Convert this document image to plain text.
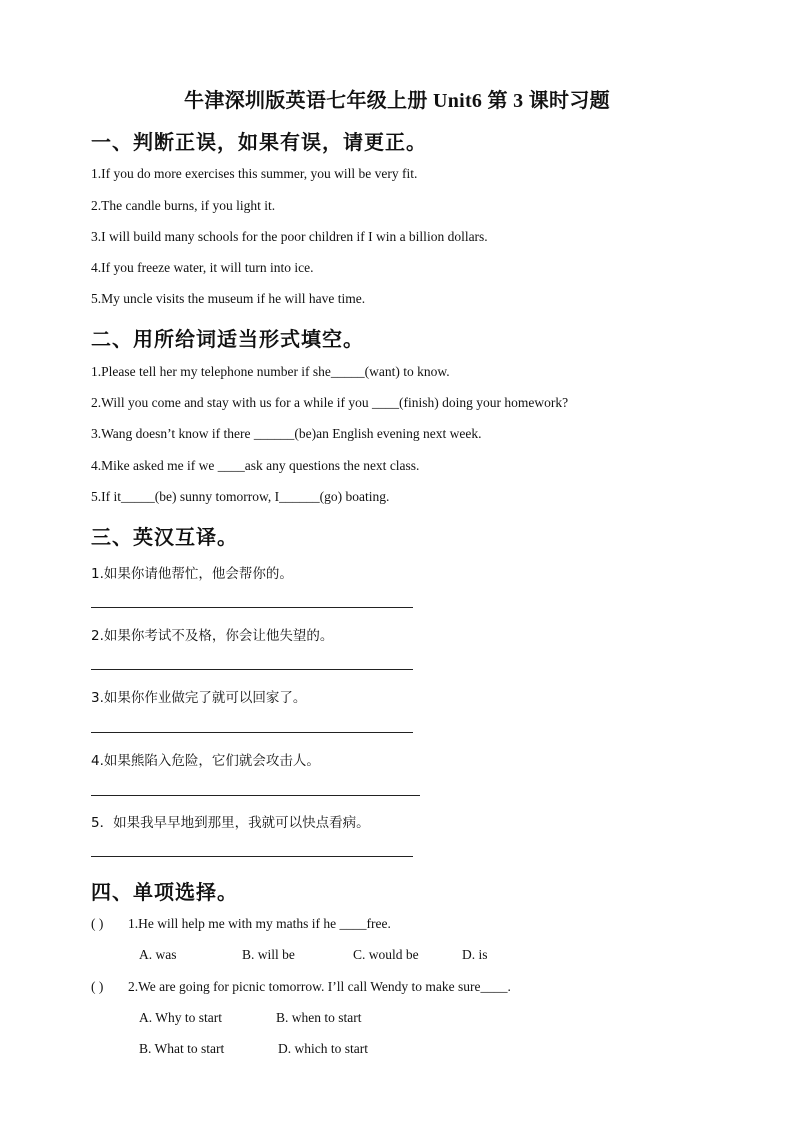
牛津深圳版英语七年级上册 Unit6 第 3 课时习题
一、判断正误，如果有误，请更正。
1.If you do more exercises this summer, you will be very fit.
2.The candle burns, if you light it.
3.I will build many schools for the poor children if I win a billion dollars.
4.If you freeze water, it will turn into ice.
5.My uncle visits the museum if he will have time.
二、用所给词适当形式填空。
1.Please tell her my telephone number if she_____(want) to know.
2.Will you come and stay with us for a while if you ____(finish) doing your homework?
3.Wang doesn’t know if there ______(be)an English evening next week.
4.Mike asked me if we ____ask any questions the next class.
5.If it_____(be) sunny tomorrow, I______(go) boating.
三、英汉互译。
1.如果你请他帮忙，他会帮你的。
2.如果你考试不及格，你会让他失望的。
3.如果你作业做完了就可以回家了。
4.如果熊陷入危险，它们就会攻击人。
5．如果我早早地到那里，我就可以快点看病。
四、单项选择。
( ) 1.He will help me with my maths if he ____free.
A. was	B. will be	C. would be	D. is
( ) 2.We are going for picnic tomorrow. I’ll call Wendy to make sure____.
A. Why to start	B. when to start
B. What to start	D. which to start
